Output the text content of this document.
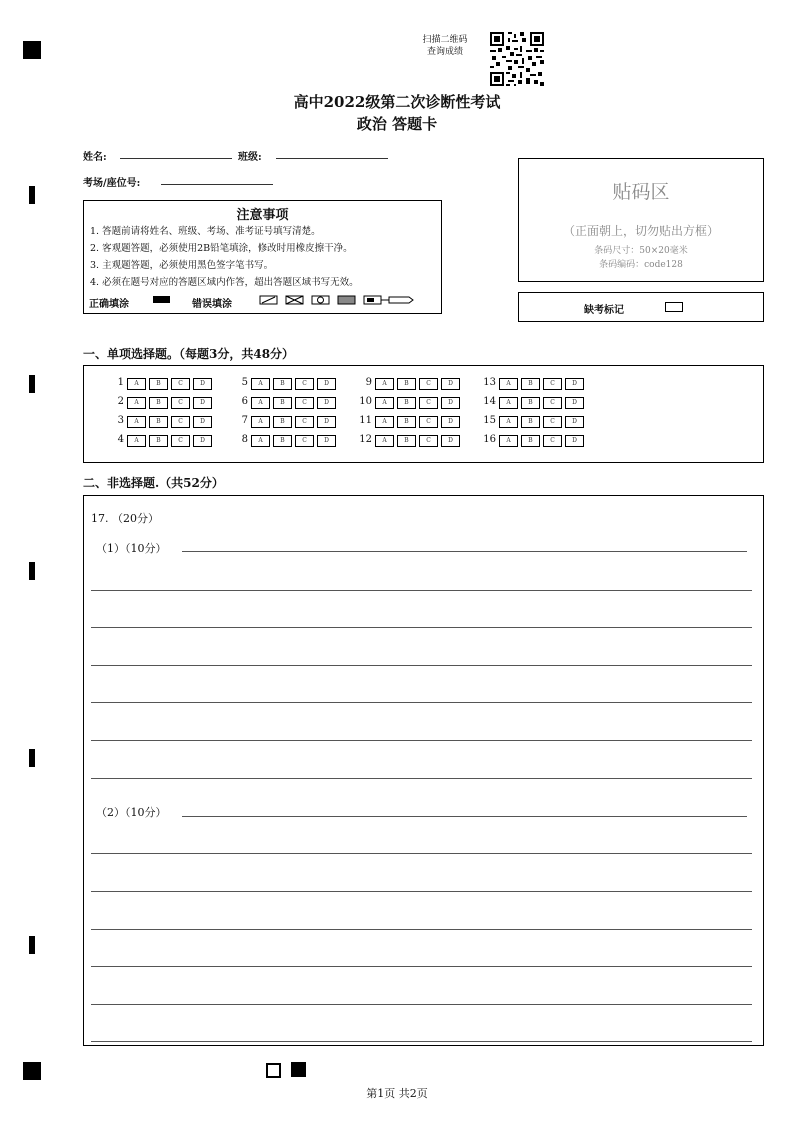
扫描二维码
查询成绩
高中2022级第二次诊断性考试
政治 答题卡
姓名:	班级:
考场/座位号:
注意事项
1. 答题前请将姓名、班级、考场、准考证号填写清楚。
2. 客观题答题，必须使用2B铅笔填涂，修改时用橡皮擦干净。
3. 主观题答题，必须使用黑色签字笔书写。
4. 必须在题号对应的答题区域内作答，超出答题区域书写无效。
正确填涂	错误填涂
贴码区
（正面朝上，切勿贴出方框）
条码尺寸：50×20毫米
条码编码：code128
缺考标记
一、单项选择题。（每题3分，共48分）
1	A	B	C	D
2	A	B	C	D
3	A	B	C	D
4	A	B	C	D
5	A	B	C	D
6	A	B	C	D
7	A	B	C	D
8	A	B	C	D
9	A	B	C	D
10	A	B	C	D
11	A	B	C	D
12	A	B	C	D
13	A	B	C	D
14	A	B	C	D
15	A	B	C	D
16	A	B	C	D
二、非选择题.（共52分）
17. （20分）
（1）（10分）
（2）（10分）
第1页 共2页
